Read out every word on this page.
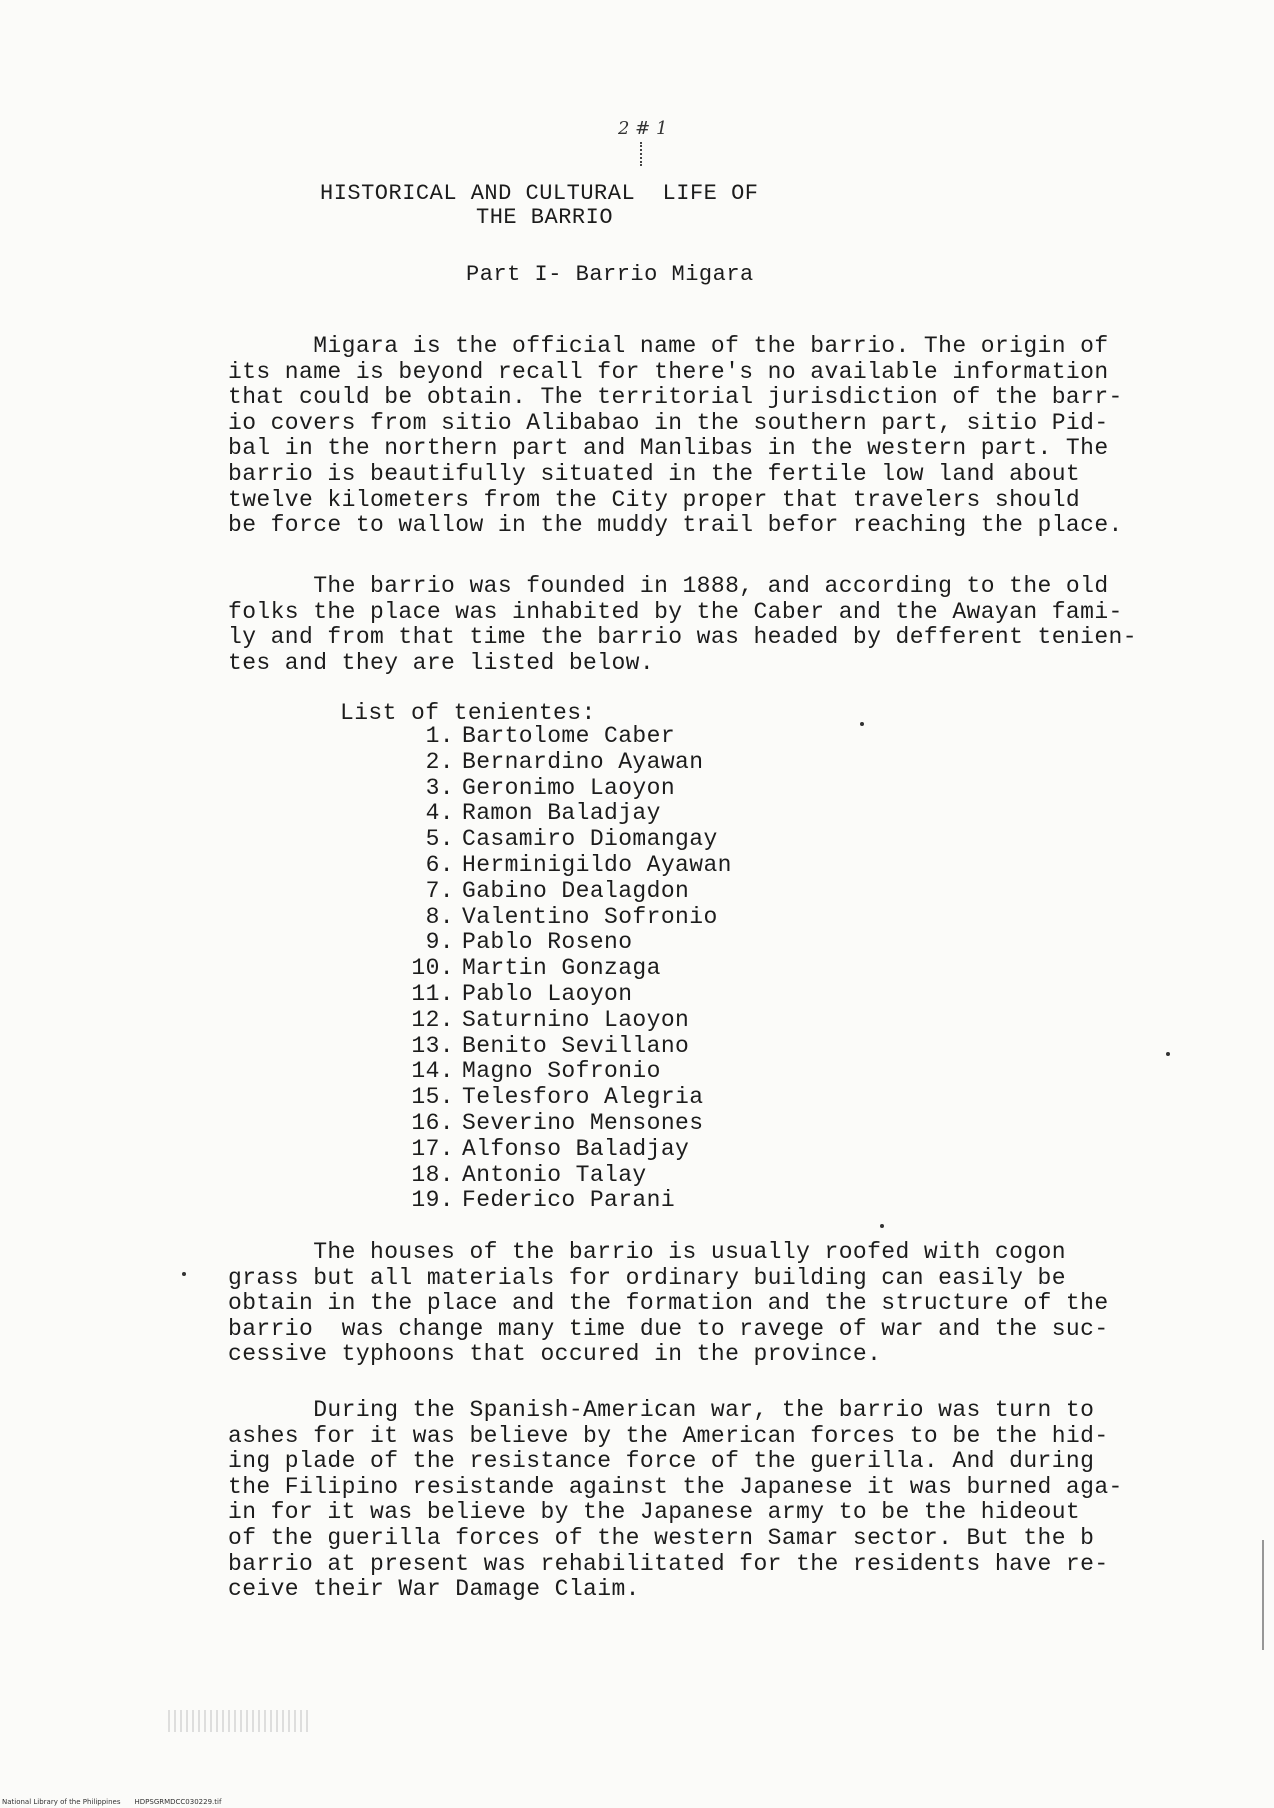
2 # 1
HISTORICAL AND CULTURAL  LIFE OF
THE BARRIO
Part I- Barrio Migara
Migara is the official name of the barrio. The origin of
its name is beyond recall for there's no available information
that could be obtain. The territorial jurisdiction of the barr-
io covers from sitio Alibabao in the southern part, sitio Pid-
bal in the northern part and Manlibas in the western part. The
barrio is beautifully situated in the fertile low land about
twelve kilometers from the City proper that travelers should
be force to wallow in the muddy trail befor reaching the place.
The barrio was founded in 1888, and according to the old
folks the place was inhabited by the Caber and the Awayan fami-
ly and from that time the barrio was headed by defferent tenien-
tes and they are listed below.
List of tenientes:
1. Bartolome Caber
2. Bernardino Ayawan
3. Geronimo Laoyon
4. Ramon Baladjay
5. Casamiro Diomangay
6. Herminigildo Ayawan
7. Gabino Dealagdon
8. Valentino Sofronio
9. Pablo Roseno
10. Martin Gonzaga
11. Pablo Laoyon
12. Saturnino Laoyon
13. Benito Sevillano
14. Magno Sofronio
15. Telesforo Alegria
16. Severino Mensones
17. Alfonso Baladjay
18. Antonio Talay
19. Federico Parani
The houses of the barrio is usually roofed with cogon
grass but all materials for ordinary building can easily be
obtain in the place and the formation and the structure of the
barrio  was change many time due to ravege of war and the suc-
cessive typhoons that occured in the province.
During the Spanish-American war, the barrio was turn to
ashes for it was believe by the American forces to be the hid-
ing plade of the resistance force of the guerilla. And during
the Filipino resistande against the Japanese it was burned aga-
in for it was believe by the Japanese army to be the hideout
of the guerilla forces of the western Samar sector. But the b
barrio at present was rehabilitated for the residents have re-
ceive their War Damage Claim.
National Library of the Philippines HDPSGRMDCC030229.tif
